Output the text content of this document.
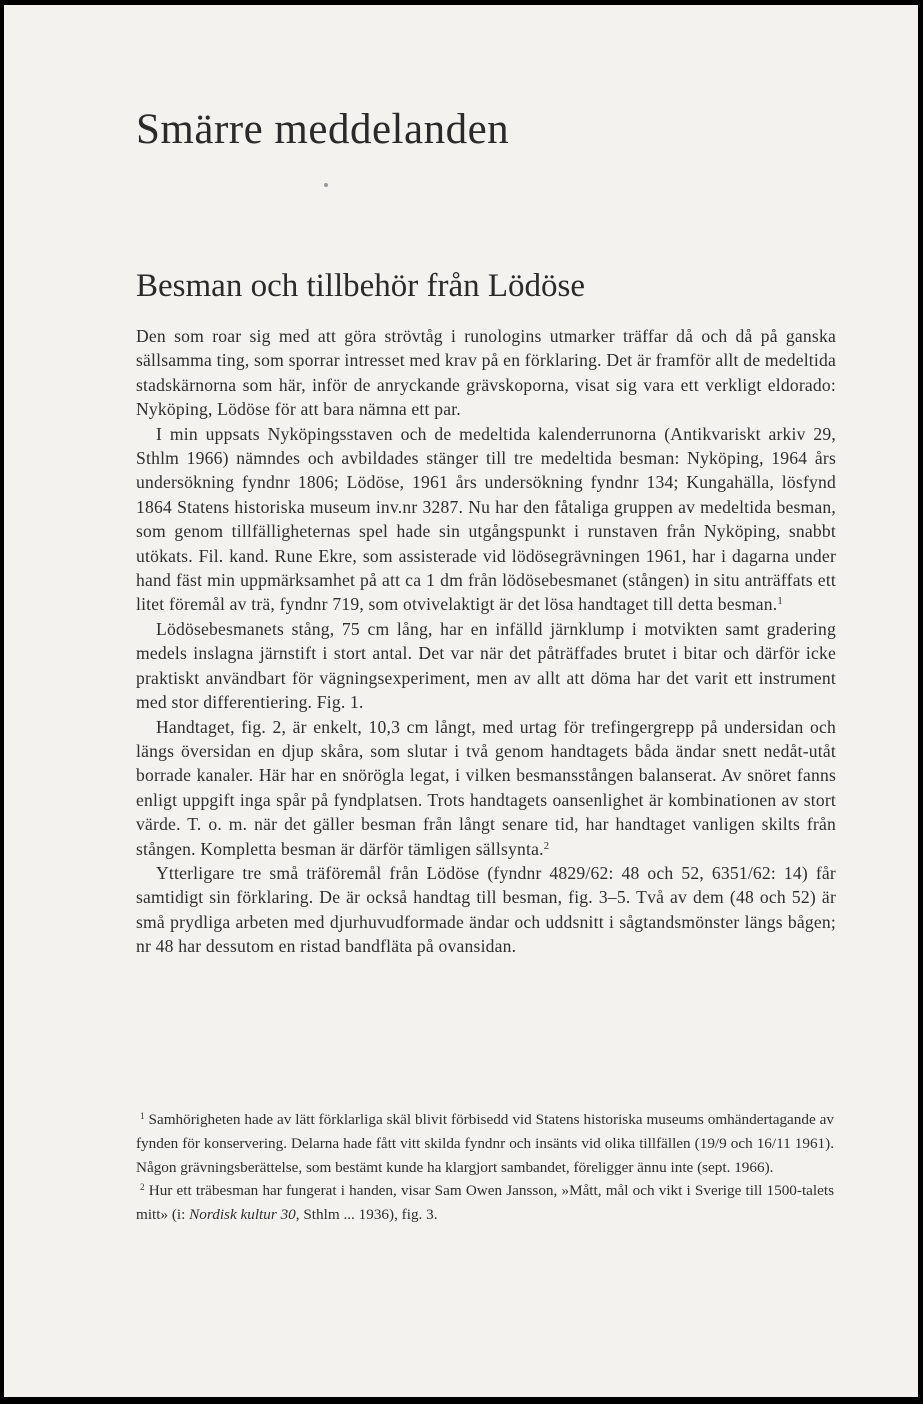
Smärre meddelanden
Besman och tillbehör från Lödöse

Den som roar sig med att göra strövtåg i runologins utmarker träffar då och då på ganska sällsamma ting, som sporrar intresset med krav på en förklaring. Det är framför allt de medeltida stadskärnorna som här, inför de anryckande grävskoporna, visat sig vara ett verkligt eldorado: Nyköping, Lödöse för att bara nämna ett par.

I min uppsats Nyköpingsstaven och de medeltida kalenderrunorna (Antikvariskt arkiv 29, Sthlm 1966) nämndes och avbildades stänger till tre medeltida besman: Nyköping, 1964 års undersökning fyndnr 1806; Lödöse, 1961 års undersökning fyndnr 134; Kungahälla, lösfynd 1864 Statens historiska museum inv.nr 3287. Nu har den fåtaliga gruppen av medeltida besman, som genom tillfälligheternas spel hade sin utgångspunkt i runstaven från Nyköping, snabbt utökats. Fil. kand. Rune Ekre, som assisterade vid lödösegrävningen 1961, har i dagarna under hand fäst min uppmärksamhet på att ca 1 dm från lödösebesmanet (stången) in situ anträffats ett litet föremål av trä, fyndnr 719, som otvivelaktigt är det lösa handtaget till detta besman.$^1$

Lödösebesmanets stång, 75 cm lång, har en infälld järnklump i motvikten samt gradering medels inslagna järnstift i stort antal. Det var när det påträffades brutet i bitar och därför icke praktiskt användbart för vägningsexperiment, men av allt att döma har det varit ett instrument med stor differentiering. Fig. 1.

Handtaget, fig. 2, är enkelt, 10,3 cm långt, med urtag för trefingergrepp på undersidan och längs översidan en djup skåra, som slutar i två genom handtagets båda ändar snett nedåt-utåt borrade kanaler. Här har en snörögla legat, i vilken besmansstången balanserat. Av snöret fanns enligt uppgift inga spår på fyndplatsen. Trots handtagets oansenlighet är kombinationen av stort värde. T. o. m. när det gäller besman från långt senare tid, har handtaget vanligen skilts från stången. Kompletta besman är därför tämligen sällsynta.$^2$

Ytterligare tre små träföremål från Lödöse (fyndnr 4829/62: 48 och 52, 6351/62: 14) får samtidigt sin förklaring. De är också handtag till besman, fig. 3–5. Två av dem (48 och 52) är små prydliga arbeten med djurhuvudformade ändar och uddsnitt i sågtandsmönster längs bågen; nr 48 har dessutom en ristad bandfläta på ovansidan.

$^1$ Samhörigheten hade av lätt förklarliga skäl blivit förbisedd vid Statens historiska museums omhändertagande av fynden för konservering. Delarna hade fått vitt skilda fyndnr och insänts vid olika tillfällen (19/9 och 16/11 1961). Någon grävningsberättelse, som bestämt kunde ha klargjort sambandet, föreligger ännu inte (sept. 1966).

$^2$ Hur ett träbesman har fungerat i handen, visar Sam Owen Jansson, »Mått, mål och vikt i Sverige till 1500-talets mitt» (i: Nordisk kultur 30, Sthlm ... 1936), fig. 3.
